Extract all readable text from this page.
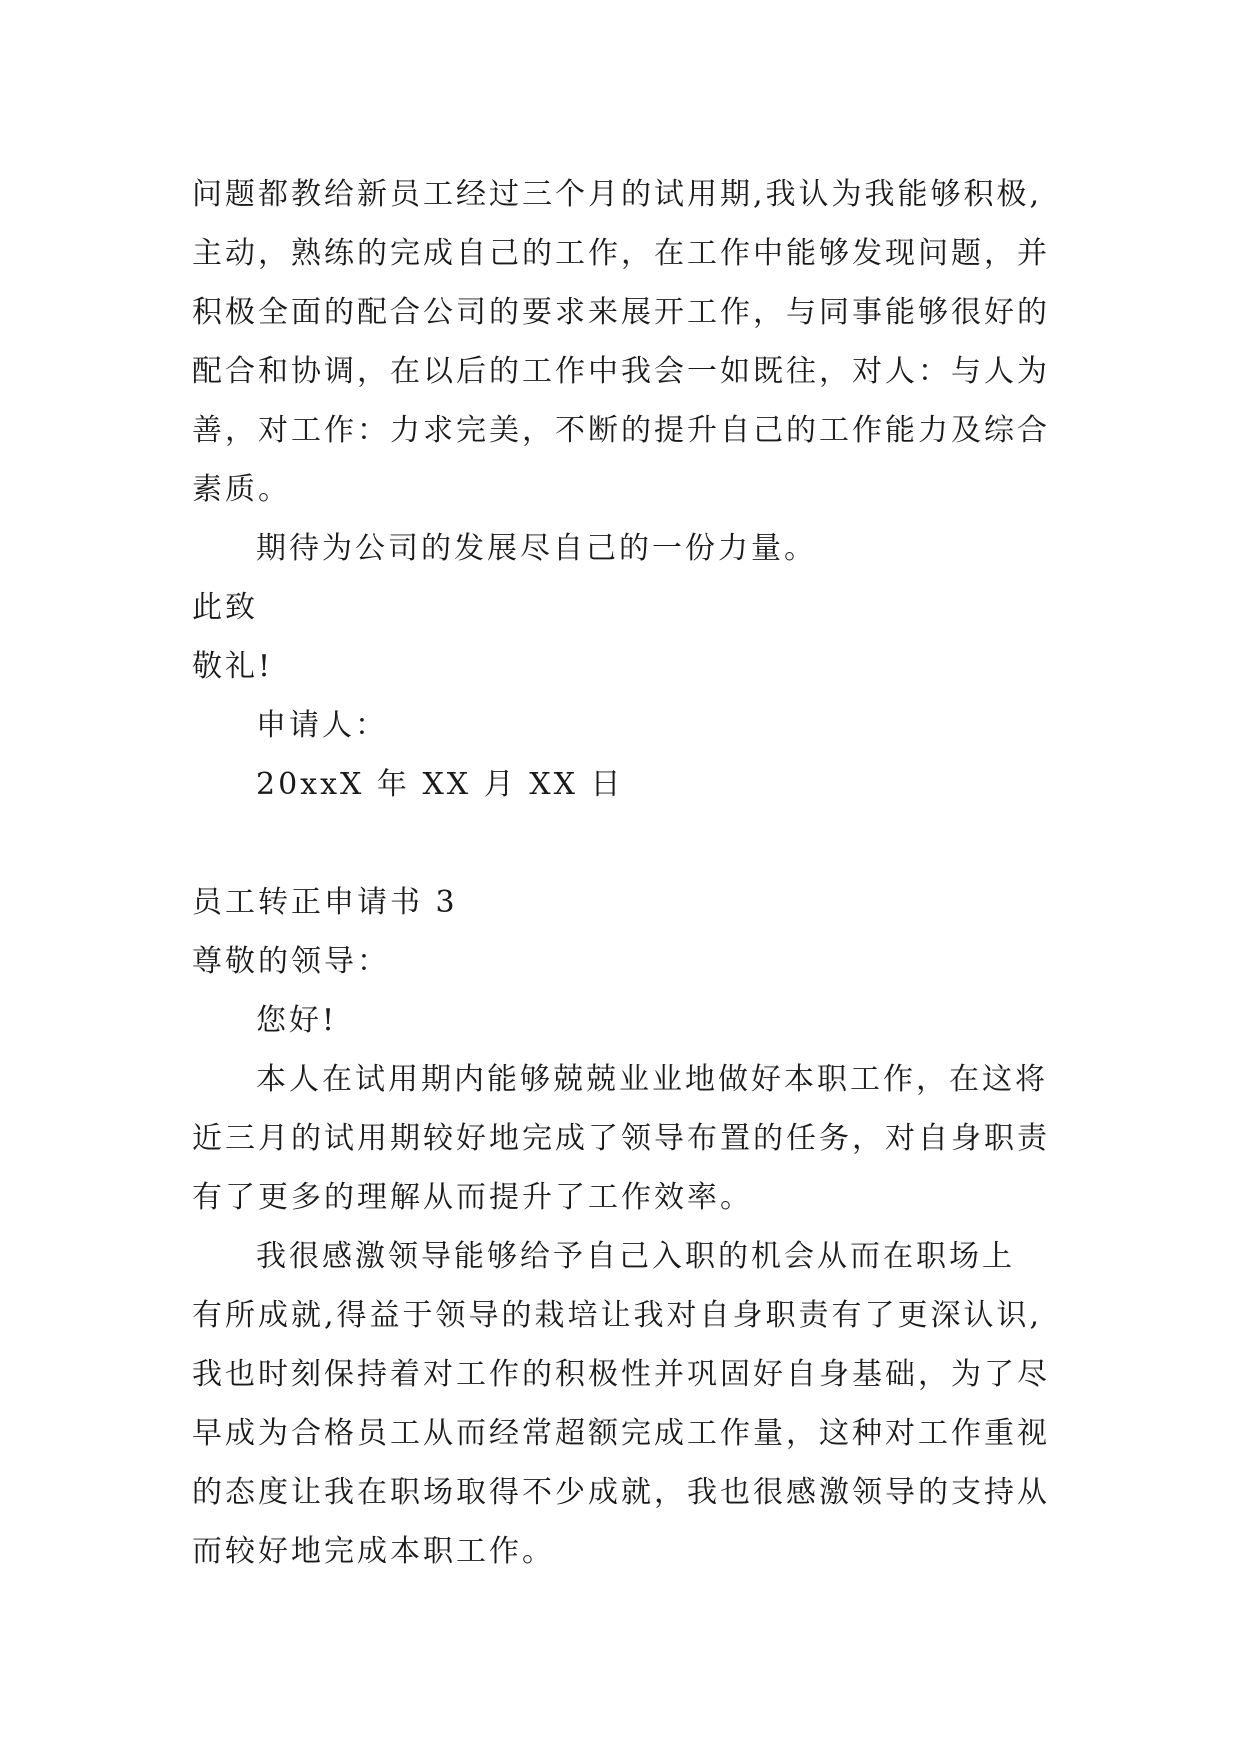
问题都教给新员工经过三个月的试用期,我认为我能够积极,
主动，熟练的完成自己的工作，在工作中能够发现问题，并
积极全面的配合公司的要求来展开工作，与同事能够很好的
配合和协调，在以后的工作中我会一如既往，对人：与人为
善，对工作：力求完美，不断的提升自己的工作能力及综合
素质。
期待为公司的发展尽自己的一份力量。
此致
敬礼!
申请人：
20xxX 年 XX 月 XX 日
员工转正申请书 3
尊敬的领导：
您好!
本人在试用期内能够兢兢业业地做好本职工作，在这将
近三月的试用期较好地完成了领导布置的任务，对自身职责
有了更多的理解从而提升了工作效率。
我很感激领导能够给予自己入职的机会从而在职场上
有所成就,得益于领导的栽培让我对自身职责有了更深认识,
我也时刻保持着对工作的积极性并巩固好自身基础，为了尽
早成为合格员工从而经常超额完成工作量，这种对工作重视
的态度让我在职场取得不少成就，我也很感激领导的支持从
而较好地完成本职工作。
